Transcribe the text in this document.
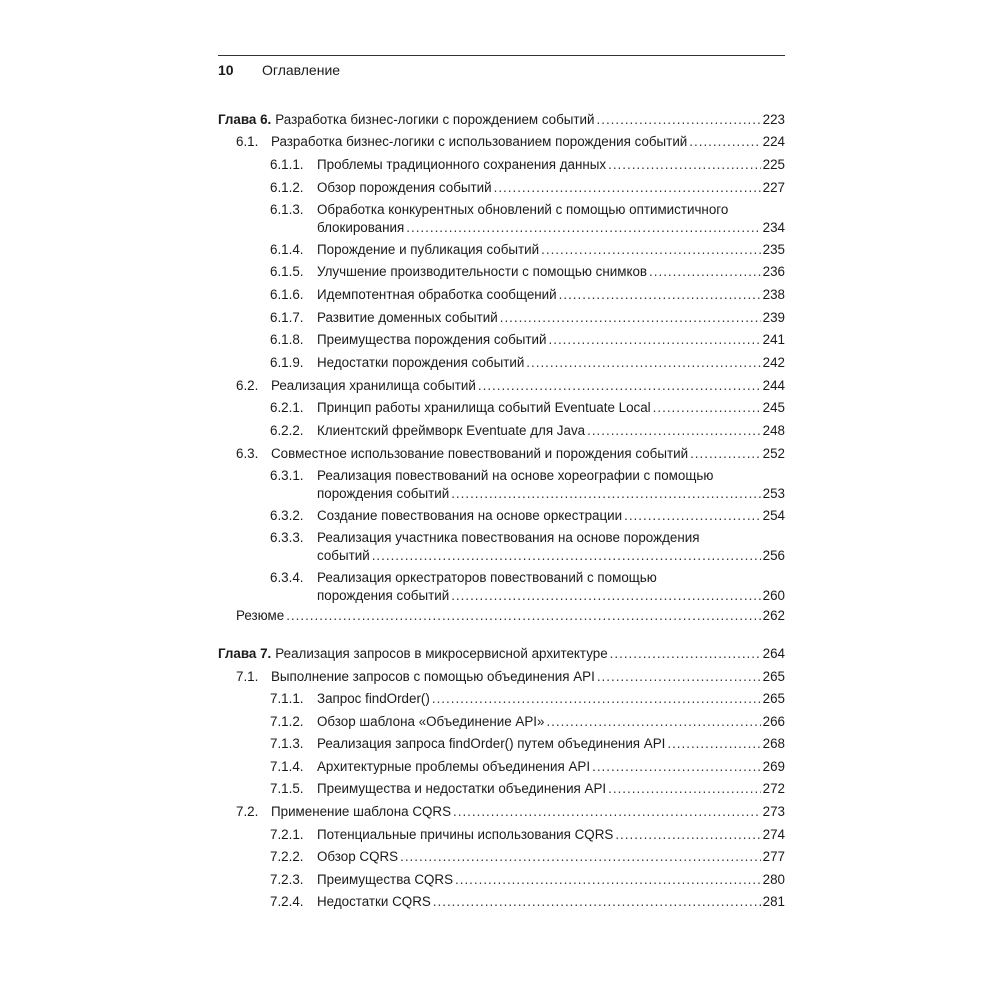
10 Оглавление
Глава 6. Разработка бизнес-логики с порождением событий .....	223
6.1. Разработка бизнес-логики с использованием порождения событий .....	224
6.1.1. Проблемы традиционного сохранения данных .....	225
6.1.2. Обзор порождения событий .....	227
6.1.3. Обработка конкурентных обновлений с помощью оптимистичного
блокирования .....	234
6.1.4. Порождение и публикация событий .....	235
6.1.5. Улучшение производительности с помощью снимков .....	236
6.1.6. Идемпотентная обработка сообщений .....	238
6.1.7. Развитие доменных событий .....	239
6.1.8. Преимущества порождения событий .....	241
6.1.9. Недостатки порождения событий .....	242
6.2. Реализация хранилища событий .....	244
6.2.1. Принцип работы хранилища событий Eventuate Local .....	245
6.2.2. Клиентский фреймворк Eventuate для Java .....	248
6.3. Совместное использование повествований и порождения событий .....	252
6.3.1. Реализация повествований на основе хореографии с помощью
порождения событий .....	253
6.3.2. Создание повествования на основе оркестрации .....	254
6.3.3. Реализация участника повествования на основе порождения
событий .....	256
6.3.4. Реализация оркестраторов повествований с помощью
порождения событий .....	260
Резюме .....	262
Глава 7. Реализация запросов в микросервисной архитектуре .....	264
7.1. Выполнение запросов с помощью объединения API .....	265
7.1.1. Запрос findOrder() .....	265
7.1.2. Обзор шаблона «Объединение API» .....	266
7.1.3. Реализация запроса findOrder() путем объединения API .....	268
7.1.4. Архитектурные проблемы объединения API .....	269
7.1.5. Преимущества и недостатки объединения API .....	272
7.2. Применение шаблона CQRS .....	273
7.2.1. Потенциальные причины использования CQRS .....	274
7.2.2. Обзор CQRS .....	277
7.2.3. Преимущества CQRS .....	280
7.2.4. Недостатки CQRS .....	281
